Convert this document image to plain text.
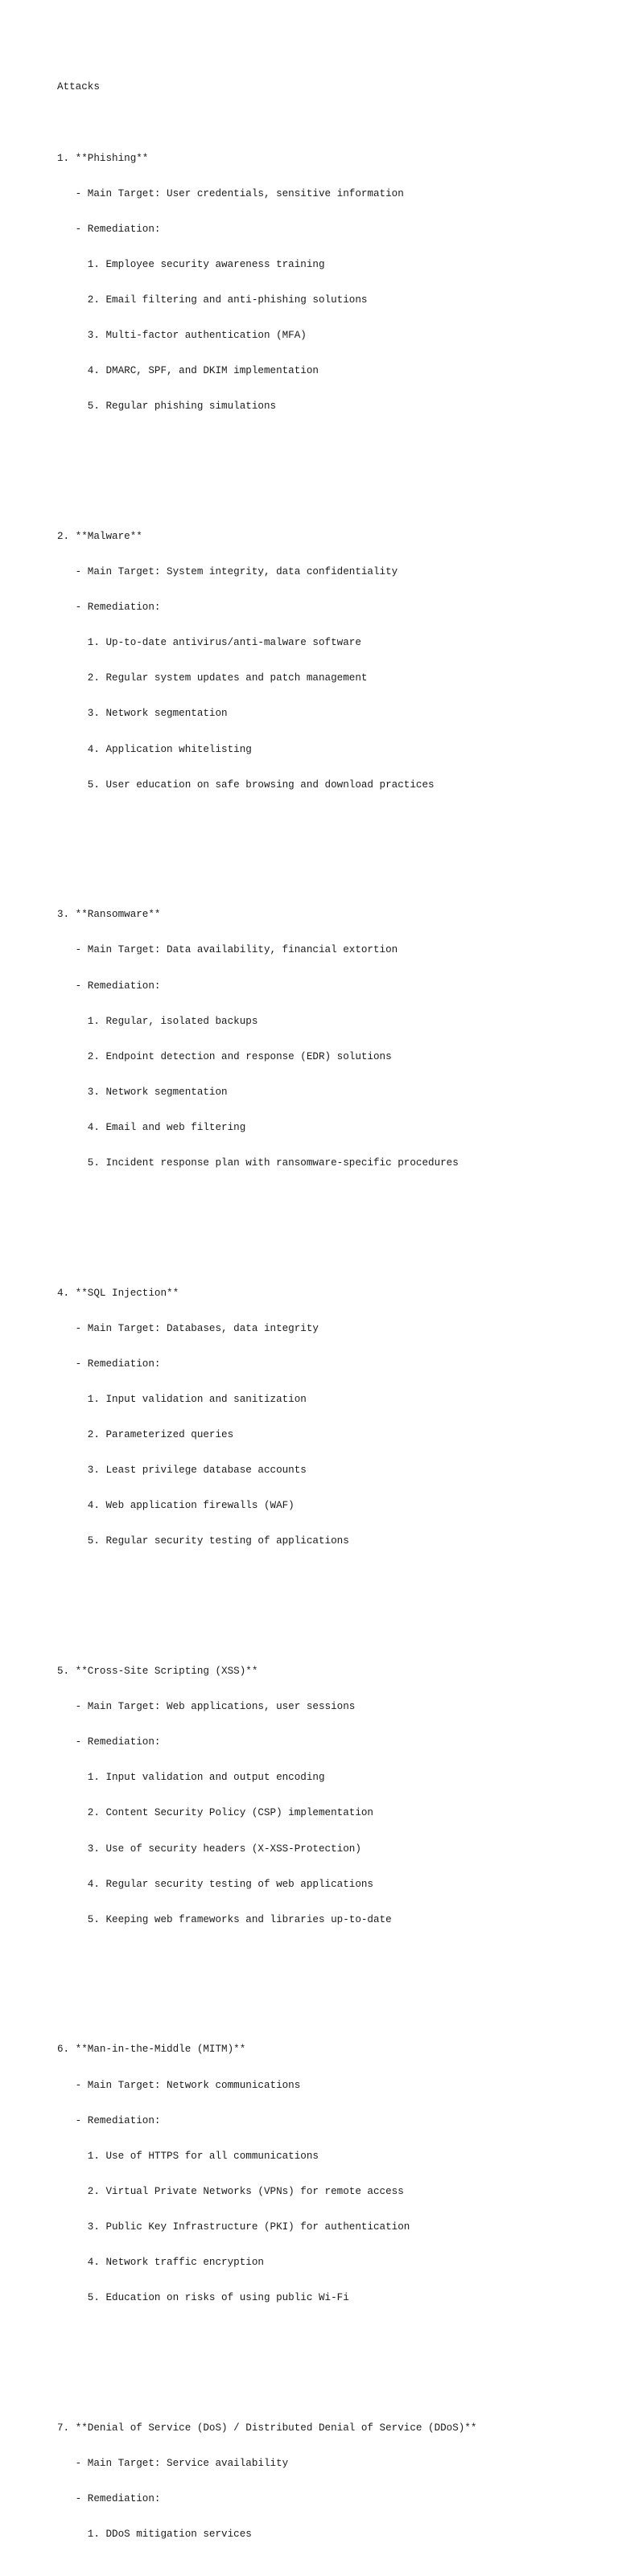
Attacks

1. **Phishing**

- Main Target: User credentials, sensitive information

- Remediation:

1. Employee security awareness training

2. Email filtering and anti-phishing solutions

3. Multi-factor authentication (MFA)

4. DMARC, SPF, and DKIM implementation

5. Regular phishing simulations

2. **Malware**

- Main Target: System integrity, data confidentiality

- Remediation:

1. Up-to-date antivirus/anti-malware software

2. Regular system updates and patch management

3. Network segmentation

4. Application whitelisting

5. User education on safe browsing and download practices

3. **Ransomware**

- Main Target: Data availability, financial extortion

- Remediation:

1. Regular, isolated backups

2. Endpoint detection and response (EDR) solutions

3. Network segmentation

4. Email and web filtering

5. Incident response plan with ransomware-specific procedures

4. **SQL Injection**

- Main Target: Databases, data integrity

- Remediation:

1. Input validation and sanitization

2. Parameterized queries

3. Least privilege database accounts

4. Web application firewalls (WAF)

5. Regular security testing of applications

5. **Cross-Site Scripting (XSS)**

- Main Target: Web applications, user sessions

- Remediation:

1. Input validation and output encoding

2. Content Security Policy (CSP) implementation

3. Use of security headers (X-XSS-Protection)

4. Regular security testing of web applications

5. Keeping web frameworks and libraries up-to-date

6. **Man-in-the-Middle (MITM)**

- Main Target: Network communications

- Remediation:

1. Use of HTTPS for all communications

2. Virtual Private Networks (VPNs) for remote access

3. Public Key Infrastructure (PKI) for authentication

4. Network traffic encryption

5. Education on risks of using public Wi-Fi

7. **Denial of Service (DoS) / Distributed Denial of Service (DDoS)**

- Main Target: Service availability

- Remediation:

1. DDoS mitigation services
